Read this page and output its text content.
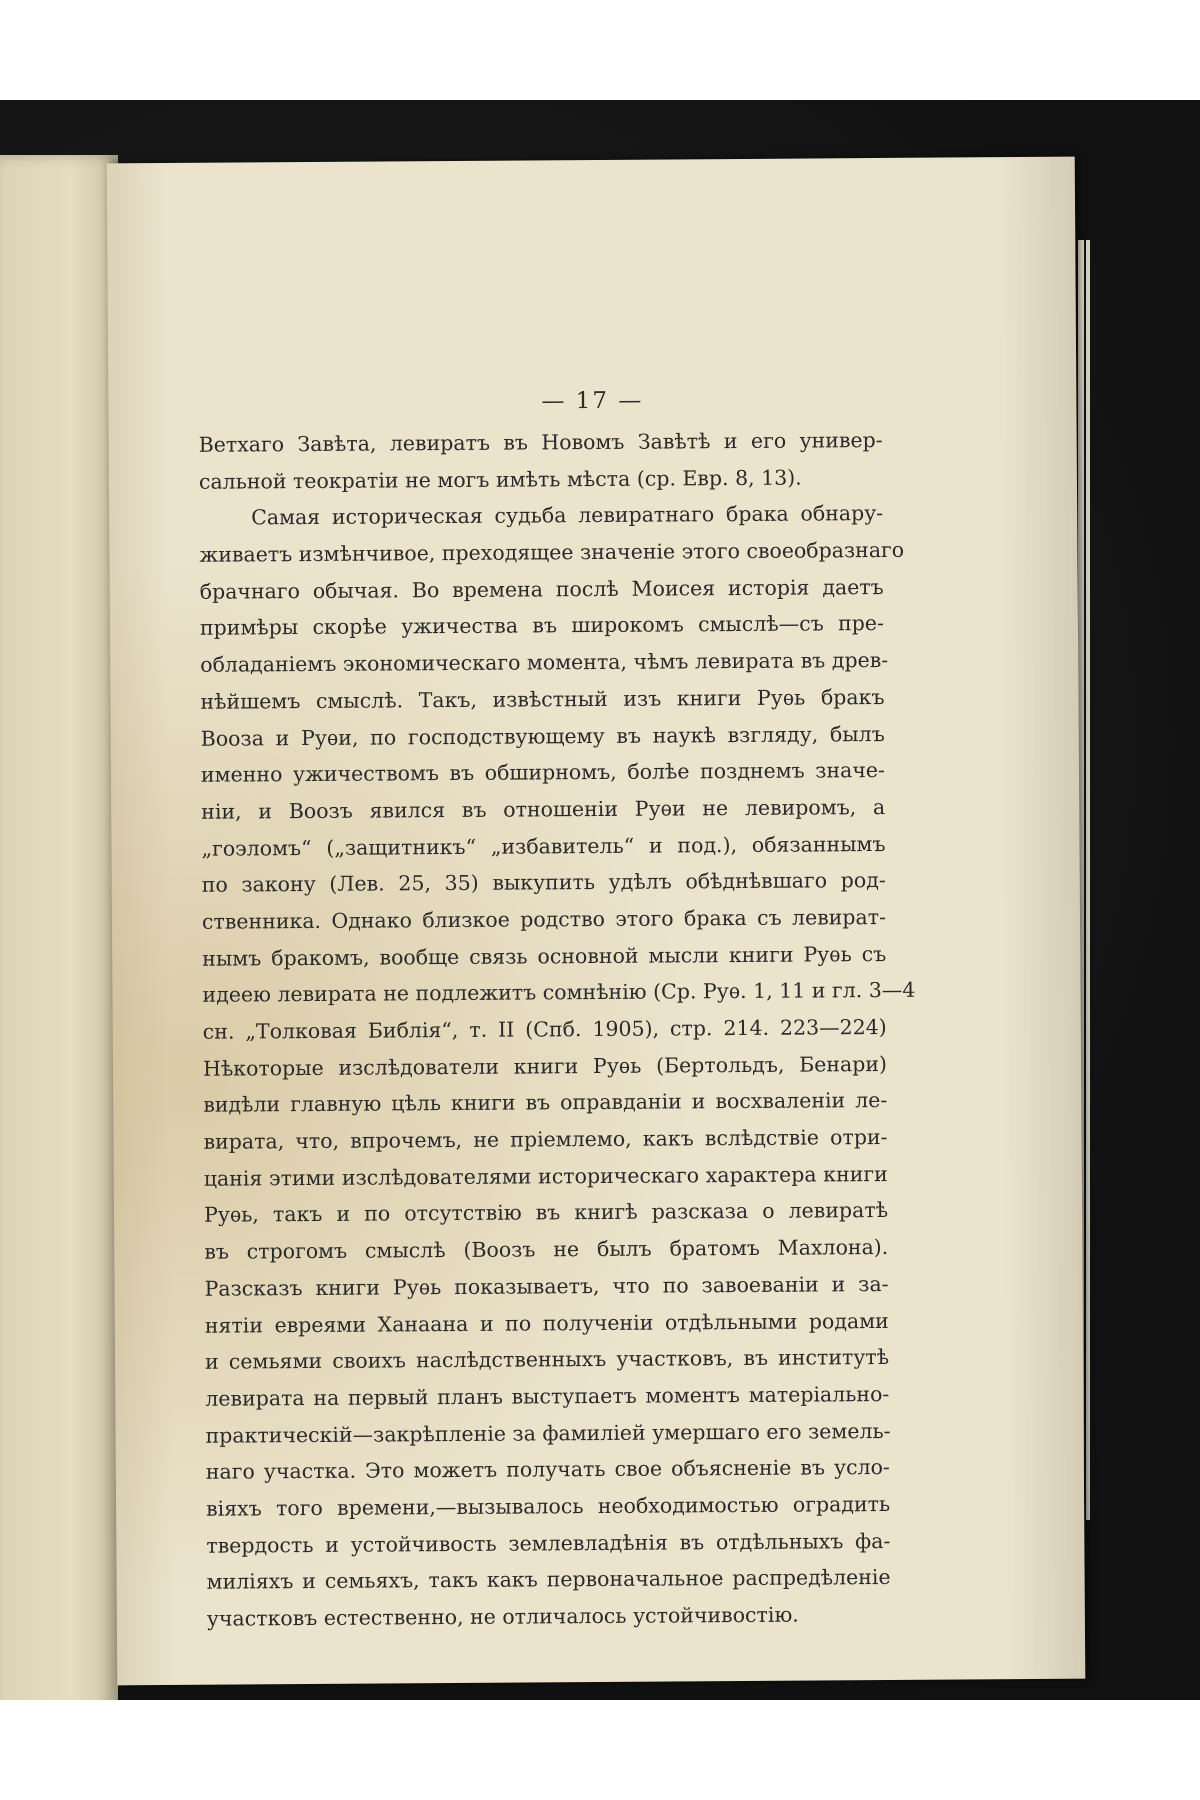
— 17 —
Ветхаго Завѣта, левиратъ въ Новомъ Завѣтѣ и его универ-
сальной теократіи не могъ имѣть мѣста (ср. Евр. 8, 13).
Самая историческая судьба левиратнаго брака обнару-
живаетъ измѣнчивое, преходящее значеніе этого своеобразнаго
брачнаго обычая. Во времена послѣ Моисея исторія даетъ
примѣры скорѣе ужичества въ широкомъ смыслѣ—съ пре-
обладаніемъ экономическаго момента, чѣмъ левирата въ древ-
нѣйшемъ смыслѣ. Такъ, извѣстный изъ книги Руѳь бракъ
Вооза и Руѳи, по господствующему въ наукѣ взгляду, былъ
именно ужичествомъ въ обширномъ, болѣе позднемъ значе-
ніи, и Воозъ явился въ отношеніи Руѳи не левиромъ, а
„гоэломъ“ („защитникъ“ „избавитель“ и под.), обязаннымъ
по закону (Лев. 25, 35) выкупить удѣлъ обѣднѣвшаго род-
ственника. Однако близкое родство этого брака съ левират-
нымъ бракомъ, вообще связь основной мысли книги Руѳь съ
идеею левирата не подлежитъ сомнѣнію (Ср. Руѳ. 1, 11 и гл. 3—4
сн. „Толковая Библія“, т. II (Спб. 1905), стр. 214. 223—224)
Нѣкоторые изслѣдователи книги Руѳь (Бертольдъ, Бенари)
видѣли главную цѣль книги въ оправданіи и восхваленіи ле-
вирата, что, впрочемъ, не пріемлемо, какъ вслѣдствіе отри-
цанія этими изслѣдователями историческаго характера книги
Руѳь, такъ и по отсутствію въ книгѣ разсказа о левиратѣ
въ строгомъ смыслѣ (Воозъ не былъ братомъ Махлона).
Разсказъ книги Руѳь показываетъ, что по завоеваніи и за-
нятіи евреями Ханаана и по полученіи отдѣльными родами
и семьями своихъ наслѣдственныхъ участковъ, въ институтѣ
левирата на первый планъ выступаетъ моментъ матеріально-
практическій—закрѣпленіе за фамиліей умершаго его земель-
наго участка. Это можетъ получать свое объясненіе въ усло-
віяхъ того времени,—вызывалось необходимостью оградить
твердость и устойчивость землевладѣнія въ отдѣльныхъ фа-
миліяхъ и семьяхъ, такъ какъ первоначальное распредѣленіе
участковъ естественно, не отличалось устойчивостію.
